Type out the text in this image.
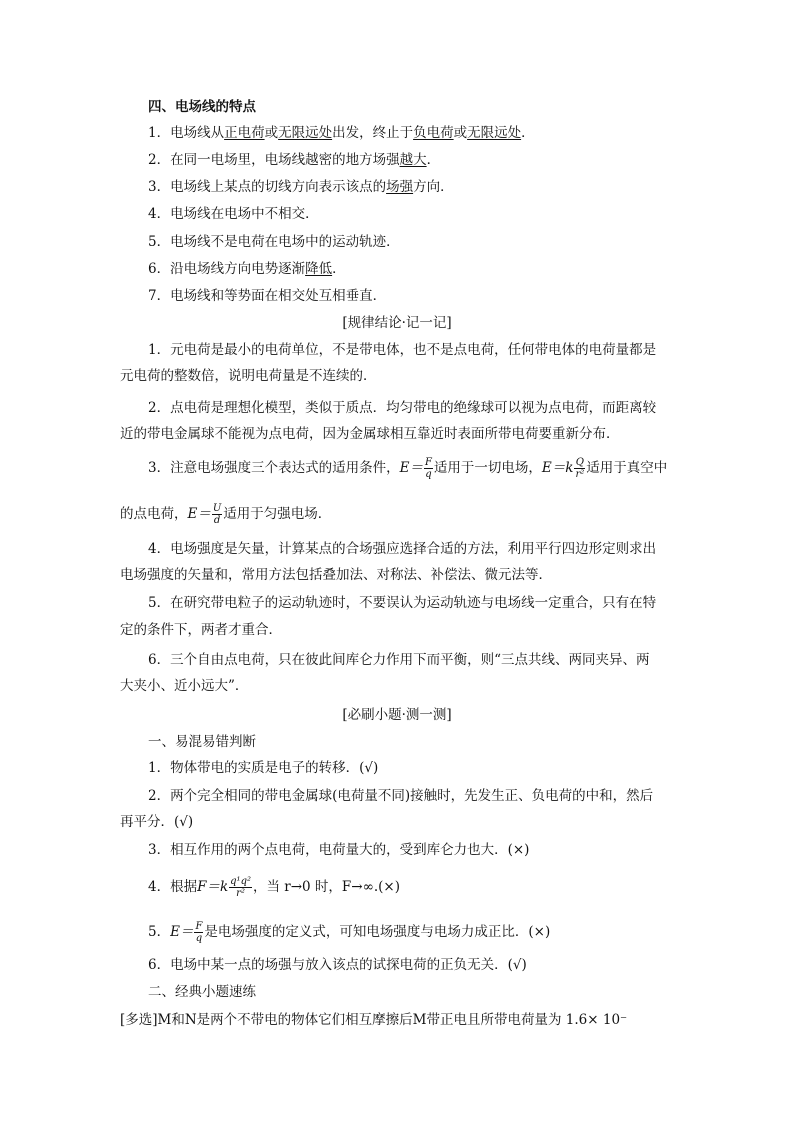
四、电场线的特点
1．电场线从正电荷或无限远处出发，终止于负电荷或无限远处．
2．在同一电场里，电场线越密的地方场强越大．
3．电场线上某点的切线方向表示该点的场强方向．
4．电场线在电场中不相交．
5．电场线不是电荷在电场中的运动轨迹．
6．沿电场线方向电势逐渐降低．
7．电场线和等势面在相交处互相垂直．
[规律结论·记一记]
1．元电荷是最小的电荷单位，不是带电体，也不是点电荷，任何带电体的电荷量都是
元电荷的整数倍，说明电荷量是不连续的．
2．点电荷是理想化模型，类似于质点．均匀带电的绝缘球可以视为点电荷，而距离较
近的带电金属球不能视为点电荷，因为金属球相互靠近时表面所带电荷要重新分布．
3．注意电场强度三个表达式的适用条件，$E= \frac{F}{q}$ 适用于一切电场，$E=k \frac{Q}{\text{r²}}$ 适用于真空中
的点电荷，$E= \frac{U}{d}$ 适用于匀强电场．
4．电场强度是矢量，计算某点的合场强应选择合适的方法，利用平行四边形定则求出
电场强度的矢量和，常用方法包括叠加法、对称法、补偿法、微元法等．
5．在研究带电粒子的运动轨迹时，不要误认为运动轨迹与电场线一定重合，只有在特
定的条件下，两者才重合．
6．三个自由点电荷，只在彼此间库仑力作用下而平衡，则“三点共线、两同夹异、两
大夹小、近小远大”．
[必刷小题·测一测]
一、易混易错判断
1．物体带电的实质是电子的转移．(√)
2．两个完全相同的带电金属球(电荷量不同)接触时，先发生正、负电荷的中和，然后
再平分．(√)
3．相互作用的两个点电荷，电荷量大的，受到库仑力也大．(×)
4．根据$F=k \frac{\text{q¹q²}}{\text{r²}}$ ，当 r→0 时，F→∞.(×)
5．$E= \frac{F}{q}$ 是电场强度的定义式，可知电场强度与电场力成正比．(×)
6．电场中某一点的场强与放入该点的试探电荷的正负无关．(√)
二、经典小题速练
[多选]M和N是两个不带电的物体它们相互摩擦后M带正电且所带电荷量为 1.6× 10⁻
